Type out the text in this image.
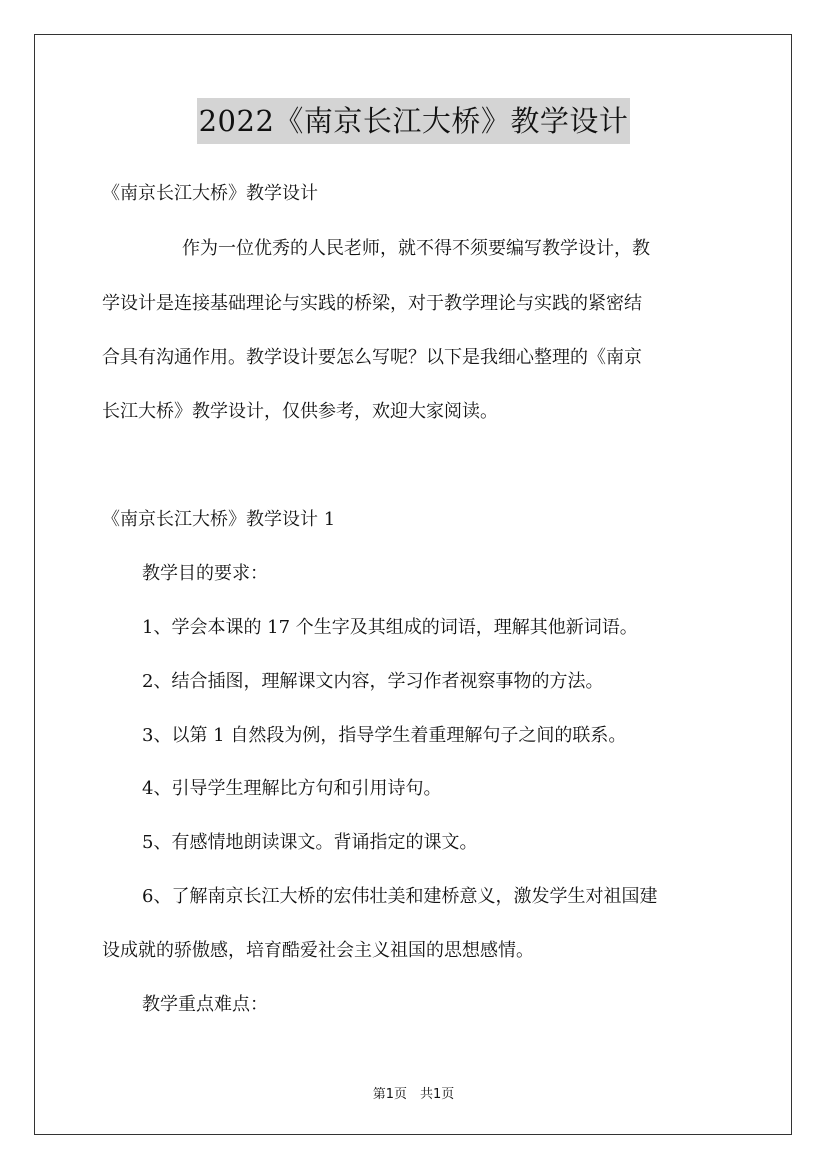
2022《南京长江大桥》教学设计
《南京长江大桥》教学设计
作为一位优秀的人民老师，就不得不须要编写教学设计，教
学设计是连接基础理论与实践的桥梁，对于教学理论与实践的紧密结
合具有沟通作用。教学设计要怎么写呢？以下是我细心整理的《南京
长江大桥》教学设计，仅供参考，欢迎大家阅读。
《南京长江大桥》教学设计 1
教学目的要求：
1、学会本课的 17 个生字及其组成的词语，理解其他新词语。
2、结合插图，理解课文内容，学习作者视察事物的方法。
3、以第 1 自然段为例，指导学生着重理解句子之间的联系。
4、引导学生理解比方句和引用诗句。
5、有感情地朗读课文。背诵指定的课文。
6、了解南京长江大桥的宏伟壮美和建桥意义，激发学生对祖国建
设成就的骄傲感，培育酷爱社会主义祖国的思想感情。
教学重点难点：
第1页　共1页
